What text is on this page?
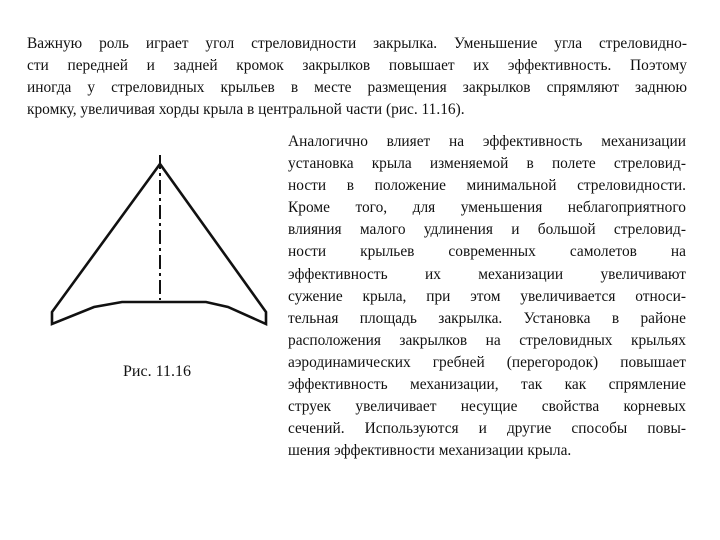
Важную роль играет угол стреловидности закрылка. Уменьшение угла стреловидно-
сти передней и задней кромок закрылков повышает их эффективность. Поэтому
иногда у стреловидных крыльев в месте размещения закрылков спрямляют заднюю
кромку, увеличивая хорды крыла в центральной части (рис. 11.16).
Рис. 11.16
Аналогично влияет на эффективность механизации
установка крыла изменяемой в полете стреловид-
ности в положение минимальной стреловидности.
Кроме того, для уменьшения неблагоприятного
влияния малого удлинения и большой стреловид-
ности крыльев современных самолетов на
эффективность их механизации увеличивают
сужение крыла, при этом увеличивается относи-
тельная площадь закрылка. Установка в районе
расположения закрылков на стреловидных крыльях
аэродинамических гребней (перегородок) повышает
эффективность механизации, так как спрямление
струек увеличивает несущие свойства корневых
сечений. Используются и другие способы повы-
шения эффективности механизации крыла.
